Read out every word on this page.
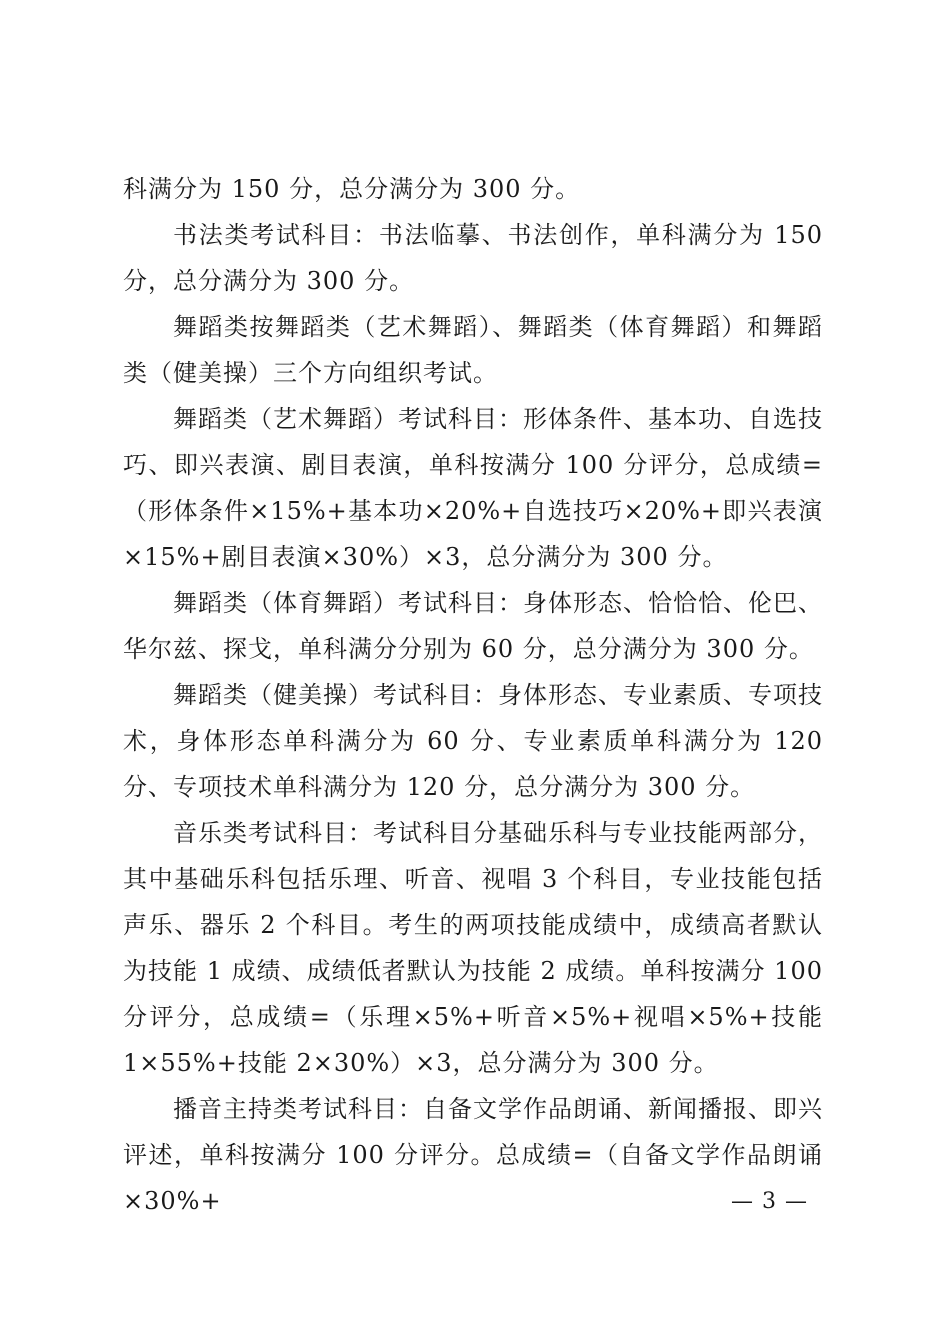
科满分为 150 分，总分满分为 300 分。

书法类考试科目：书法临摹、书法创作，单科满分为 150 分，总分满分为 300 分。

舞蹈类按舞蹈类（艺术舞蹈）、舞蹈类（体育舞蹈）和舞蹈类（健美操）三个方向组织考试。

舞蹈类（艺术舞蹈）考试科目：形体条件、基本功、自选技巧、即兴表演、剧目表演，单科按满分 100 分评分，总成绩=（形体条件×15%+基本功×20%+自选技巧×20%+即兴表演×15%+剧目表演×30%）×3，总分满分为 300 分。

舞蹈类（体育舞蹈）考试科目：身体形态、恰恰恰、伦巴、华尔兹、探戈，单科满分分别为 60 分，总分满分为 300 分。

舞蹈类（健美操）考试科目：身体形态、专业素质、专项技术，身体形态单科满分为 60 分、专业素质单科满分为 120 分、专项技术单科满分为 120 分，总分满分为 300 分。

音乐类考试科目：考试科目分基础乐科与专业技能两部分，其中基础乐科包括乐理、听音、视唱 3 个科目，专业技能包括声乐、器乐 2 个科目。考生的两项技能成绩中，成绩高者默认为技能 1 成绩、成绩低者默认为技能 2 成绩。单科按满分 100 分评分，总成绩=（乐理×5%+听音×5%+视唱×5%+技能 1×55%+技能 2×30%）×3，总分满分为 300 分。

播音主持类考试科目：自备文学作品朗诵、新闻播报、即兴评述，单科按满分 100 分评分。总成绩=（自备文学作品朗诵×30%+	— 3 —
